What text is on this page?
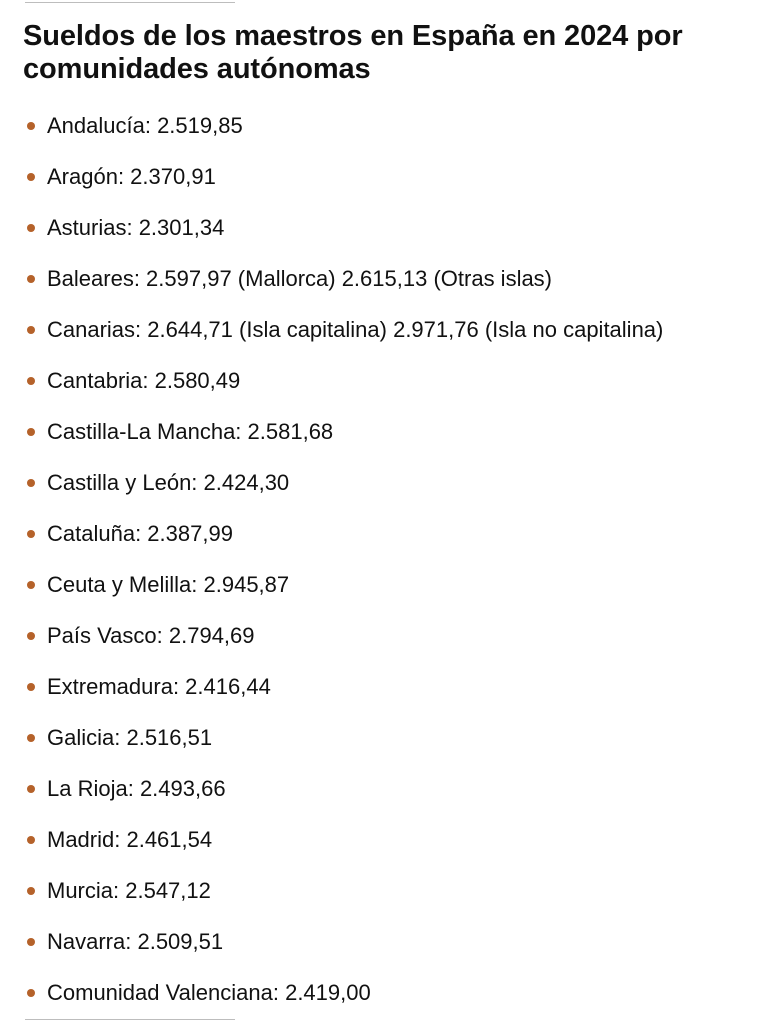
Sueldos de los maestros en España en 2024 por comunidades autónomas
Andalucía: 2.519,85
Aragón: 2.370,91
Asturias: 2.301,34
Baleares: 2.597,97 (Mallorca) 2.615,13 (Otras islas)
Canarias: 2.644,71 (Isla capitalina) 2.971,76 (Isla no capitalina)
Cantabria: 2.580,49
Castilla-La Mancha: 2.581,68
Castilla y León: 2.424,30
Cataluña: 2.387,99
Ceuta y Melilla: 2.945,87
País Vasco: 2.794,69
Extremadura: 2.416,44
Galicia: 2.516,51
La Rioja: 2.493,66
Madrid: 2.461,54
Murcia: 2.547,12
Navarra: 2.509,51
Comunidad Valenciana: 2.419,00
